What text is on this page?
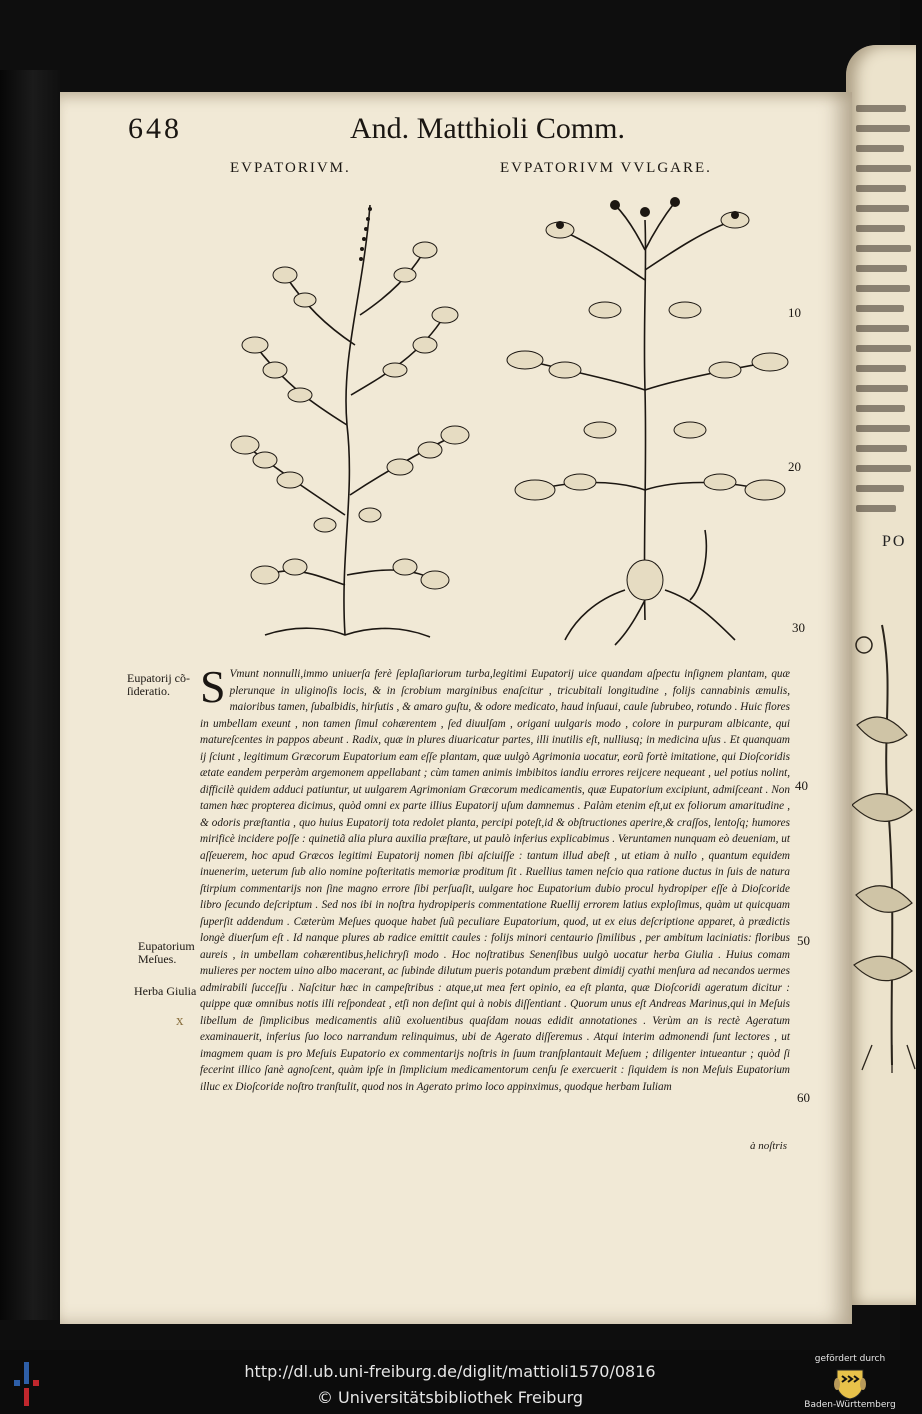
PO
648	And. Matthioli Comm.
EVPATORIVM.	EVPATORIVM VVLGARE.
10
20
30
40
50
60
Eupatorij cõ-
ſideratio.
Eupatorium
Meſues.
Herba Giulia
x
S Vmunt nonnulli,immo uniuerſa ferè ſeplaſiariorum turba,legitimi Eupatorij uice quandam aſpectu inſignem plantam, quæ plerunque in uliginoſis locis, & in ſcrobium marginibus enaſcitur , tricubitali longitudine , folijs cannabinis æmulis, maioribus tamen, ſubalbidis, hirſutis , & amaro guſtu, & odore medicato, haud inſuaui, caule ſubrubeo, rotundo . Huic flores in umbellam exeunt , non tamen ſimul cohærentem , ſed diuulſam , origani uulgaris modo , colore in purpuram albicante, qui matureſcentes in pappos abeunt . Radix, quæ in plures diuaricatur partes, illi inutilis eſt, nulliusq; in medicina uſus . Et quanquam ij ſciunt , legitimum Græcorum Eupatorium eam eſſe plantam, quæ uulgò Agrimonia uocatur, eorũ fortè imitatione, qui Dioſcoridis ætate eandem perperàm argemonem appellabant ; cùm tamen animis imbibitos iandiu errores reijcere nequeant , uel potius nolint, difficilè quidem adduci patiuntur, ut uulgarem Agrimoniam Græcorum medicamentis, quæ Eupatorium excipiunt, admiſceant . Non tamen hæc propterea dicimus, quòd omni ex parte illius Eupatorij uſum damnemus . Palàm etenim eſt,ut ex foliorum amaritudine , & odoris præſtantia , quo huius Eupatorij tota redolet planta, percipi poteſt,id & obſtructiones aperire,& craſſos, lentoſq; humores mirificè incidere poſſe : quinetiã alia plura auxilia præſtare, ut paulò inferius explicabimus . Veruntamen nunquam eò deueniam, ut aſſeuerem, hoc apud Græcos legitimi Eupatorij nomen ſibi aſciuiſſe : tantum illud abeſt , ut etiam à nullo , quantum equidem inuenerim, ueterum ſub alio nomine poſteritatis memoriæ proditum ſit . Ruellius tamen neſcio qua ratione ductus in ſuis de natura ſtirpium commentarijs non ſine magno errore ſibi perſuaſit, uulgare hoc Eupatorium dubio procul hydropiper eſſe à Dioſcoride libro ſecundo deſcriptum . Sed nos ibi in noſtra hydropiperis commentatione Ruellij errorem latius exploſimus, quàm ut quicquam ſuperſit addendum . Cæterùm Meſues quoque habet ſuũ peculiare Eupatorium, quod, ut ex eius deſcriptione apparet, à prædictis longè diuerſum eſt . Id nanque plures ab radice emittit caules : folijs minori centaurio ſimilibus , per ambitum laciniatis: floribus aureis , in umbellam cohærentibus,helichryſi modo . Hoc noſtratibus Senenſibus uulgò uocatur herba Giulia . Huius comam mulieres per noctem uino albo macerant, ac ſubinde dilutum pueris potandum præbent dimidij cyathi menſura ad necandos uermes admirabili ſucceſſu . Naſcitur hæc in campeſtribus : atque,ut mea fert opinio, ea eſt planta, quæ Dioſcoridi ageratum dicitur : quippe quæ omnibus notis illi reſpondeat , etſi non deſint qui à nobis diſſentiant . Quorum unus eſt Andreas Marinus,qui in Meſuis libellum de ſimplicibus medicamentis aliũ exoluentibus quaſdam nouas edidit annotationes . Verùm an is rectè Ageratum examinauerit, inferius ſuo loco narrandum relinquimus, ubi de Agerato diſſeremus . Atqui interim admonendi ſunt lectores , ut imagmem quam is pro Meſuis Eupatorio ex commentarijs noſtris in ſuum tranſplantauit Meſuem ; diligenter intueantur ; quòd ſi fecerint illico ſanè agnoſcent, quàm ipſe in ſimplicium medicamentorum cenſu ſe exercuerit : ſiquidem is non Meſuis Eupatorium illuc ex Dioſcoride noſtro tranſtulit, quod nos in Agerato primo loco appinximus, quodque herbam Iuliam
à noſtris
http://dl.ub.uni-freiburg.de/diglit/mattioli1570/0816
© Universitätsbibliothek Freiburg
gefördert durch
Baden-Württemberg
